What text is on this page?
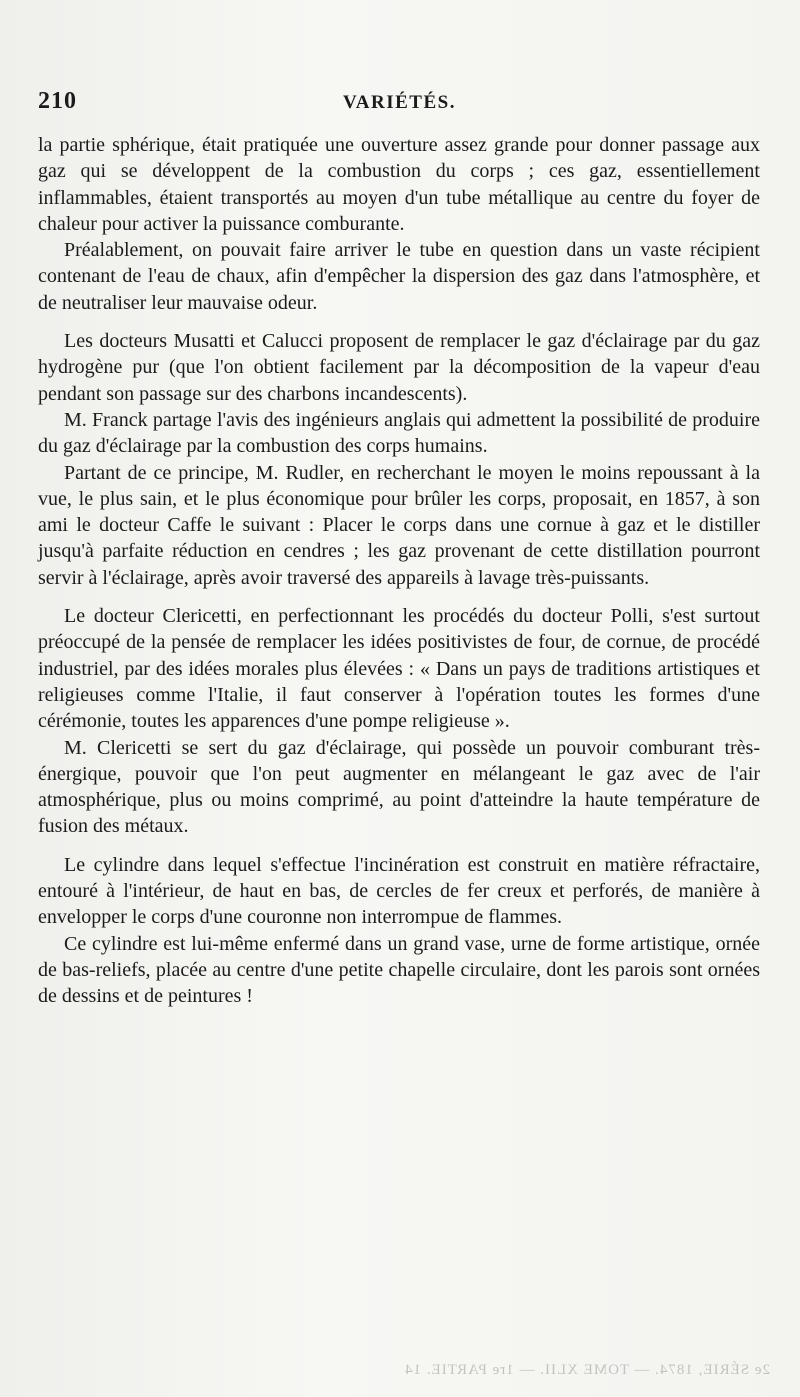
210	VARIÉTÉS.

la partie sphérique, était pratiquée une ouverture assez grande pour donner passage aux gaz qui se développent de la combustion du corps ; ces gaz, essentiellement inflammables, étaient transportés au moyen d'un tube métallique au centre du foyer de chaleur pour activer la puissance comburante.

Préalablement, on pouvait faire arriver le tube en question dans un vaste récipient contenant de l'eau de chaux, afin d'empêcher la dispersion des gaz dans l'atmosphère, et de neutraliser leur mauvaise odeur.

Les docteurs Musatti et Calucci proposent de remplacer le gaz d'éclairage par du gaz hydrogène pur (que l'on obtient facilement par la décomposition de la vapeur d'eau pendant son passage sur des charbons incandescents).

M. Franck partage l'avis des ingénieurs anglais qui admettent la possibilité de produire du gaz d'éclairage par la combustion des corps humains.

Partant de ce principe, M. Rudler, en recherchant le moyen le moins repoussant à la vue, le plus sain, et le plus économique pour brûler les corps, proposait, en 1857, à son ami le docteur Caffe le suivant : Placer le corps dans une cornue à gaz et le distiller jusqu'à parfaite réduction en cendres ; les gaz provenant de cette distillation pourront servir à l'éclairage, après avoir traversé des appareils à lavage très-puissants.

Le docteur Clericetti, en perfectionnant les procédés du docteur Polli, s'est surtout préoccupé de la pensée de remplacer les idées positivistes de four, de cornue, de procédé industriel, par des idées morales plus élevées : « Dans un pays de traditions artistiques et religieuses comme l'Italie, il faut conserver à l'opération toutes les formes d'une cérémonie, toutes les apparences d'une pompe religieuse ».

M. Clericetti se sert du gaz d'éclairage, qui possède un pouvoir comburant très-énergique, pouvoir que l'on peut augmenter en mélangeant le gaz avec de l'air atmosphérique, plus ou moins comprimé, au point d'atteindre la haute température de fusion des métaux.

Le cylindre dans lequel s'effectue l'incinération est construit en matière réfractaire, entouré à l'intérieur, de haut en bas, de cercles de fer creux et perforés, de manière à envelopper le corps d'une couronne non interrompue de flammes.

Ce cylindre est lui-même enfermé dans un grand vase, urne de forme artistique, ornée de bas-reliefs, placée au centre d'une petite chapelle circulaire, dont les parois sont ornées de dessins et de peintures !

2e SÉRIE, 1874. — TOME XLII. — 1re PARTIE. 14
